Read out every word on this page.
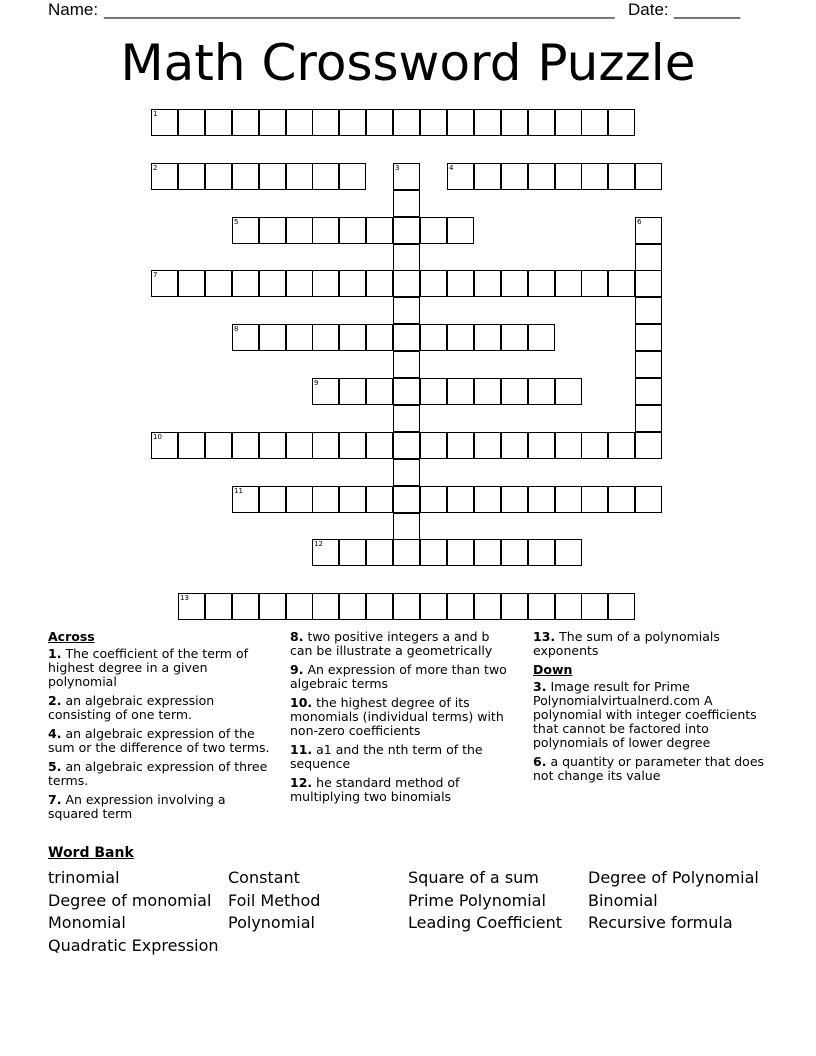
Name: ______________________________________________________ Date: _______
Math Crossword Puzzle
1
2	4
5
7
8
9
10
11
12
13
3
6
Across
1. The coefficient of the term of highest degree in a given polynomial
2. an algebraic expression consisting of one term.
4. an algebraic expression of the sum or the difference of two terms.
5. an algebraic expression of three terms.
7. An expression involving a squared term
8. two positive integers a and b can be illustrate a geometrically
9. An expression of more than two algebraic terms
10. the highest degree of its monomials (individual terms) with non-zero coefficients
11. a1 and the nth term of the sequence
12. he standard method of multiplying two binomials
13. The sum of a polynomials exponents
Down
3. Image result for Prime Polynomialvirtualnerd.com A polynomial with integer coefficients that cannot be factored into polynomials of lower degree
6. a quantity or parameter that does not change its value
Word Bank
trinomial
Degree of monomial
Monomial
Quadratic Expression
Constant
Foil Method
Polynomial
Square of a sum
Prime Polynomial
Leading Coefficient
Degree of Polynomial
Binomial
Recursive formula
